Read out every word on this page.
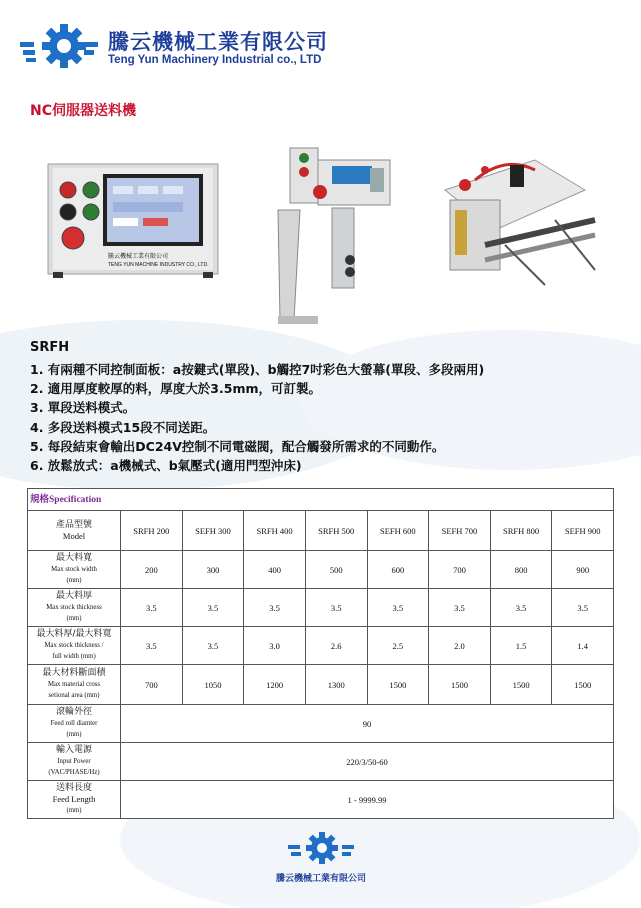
騰云機械工業有限公司
Teng Yun Machinery Industrial co., LTD
NC伺服器送料機
騰云機械工業有限公司
TENG YUN MACHINE INDUSTRY CO., LTD.
SRFH
1. 有兩種不同控制面板：a按鍵式(單段)、b觸控7吋彩色大螢幕(單段、多段兩用)
2. 適用厚度較厚的料，厚度大於3.5mm，可訂製。
3. 單段送料模式。
4. 多段送料模式15段不同送距。
5. 每段結束會輸出DC24V控制不同電磁閥，配合觸發所需求的不同動作。
6. 放鬆放式：a機械式、b氣壓式(適用門型沖床)
規格Specification
產品型號
Model	SRFH 200	SEFH 300	SRFH 400	SRFH 500	SEFH 600	SEFH 700	SRFH 800	SEFH 900

最大料寬
Max stock width
(mm)	200	300	400	500	600	700	800	900

最大料厚
Max stock thickness
(mm)	3.5	3.5	3.5	3.5	3.5	3.5	3.5	3.5

最大料厚/最大料寬
Max stock thickness /
full width (mm)	3.5	3.5	3.0	2.6	2.5	2.0	1.5	1.4

最大材料斷面積
Max material cross
setional area (mm)	700	1050	1200	1300	1500	1500	1500	1500

滾輪外徑
Feed roll diamter
(mm)	90							

輸入電源
Input Power
(VAC/PHASE/Hz)	220/3/50-60							

送料長度
Feed Length
(mm)	1 - 9999.99							
騰云機械工業有限公司
